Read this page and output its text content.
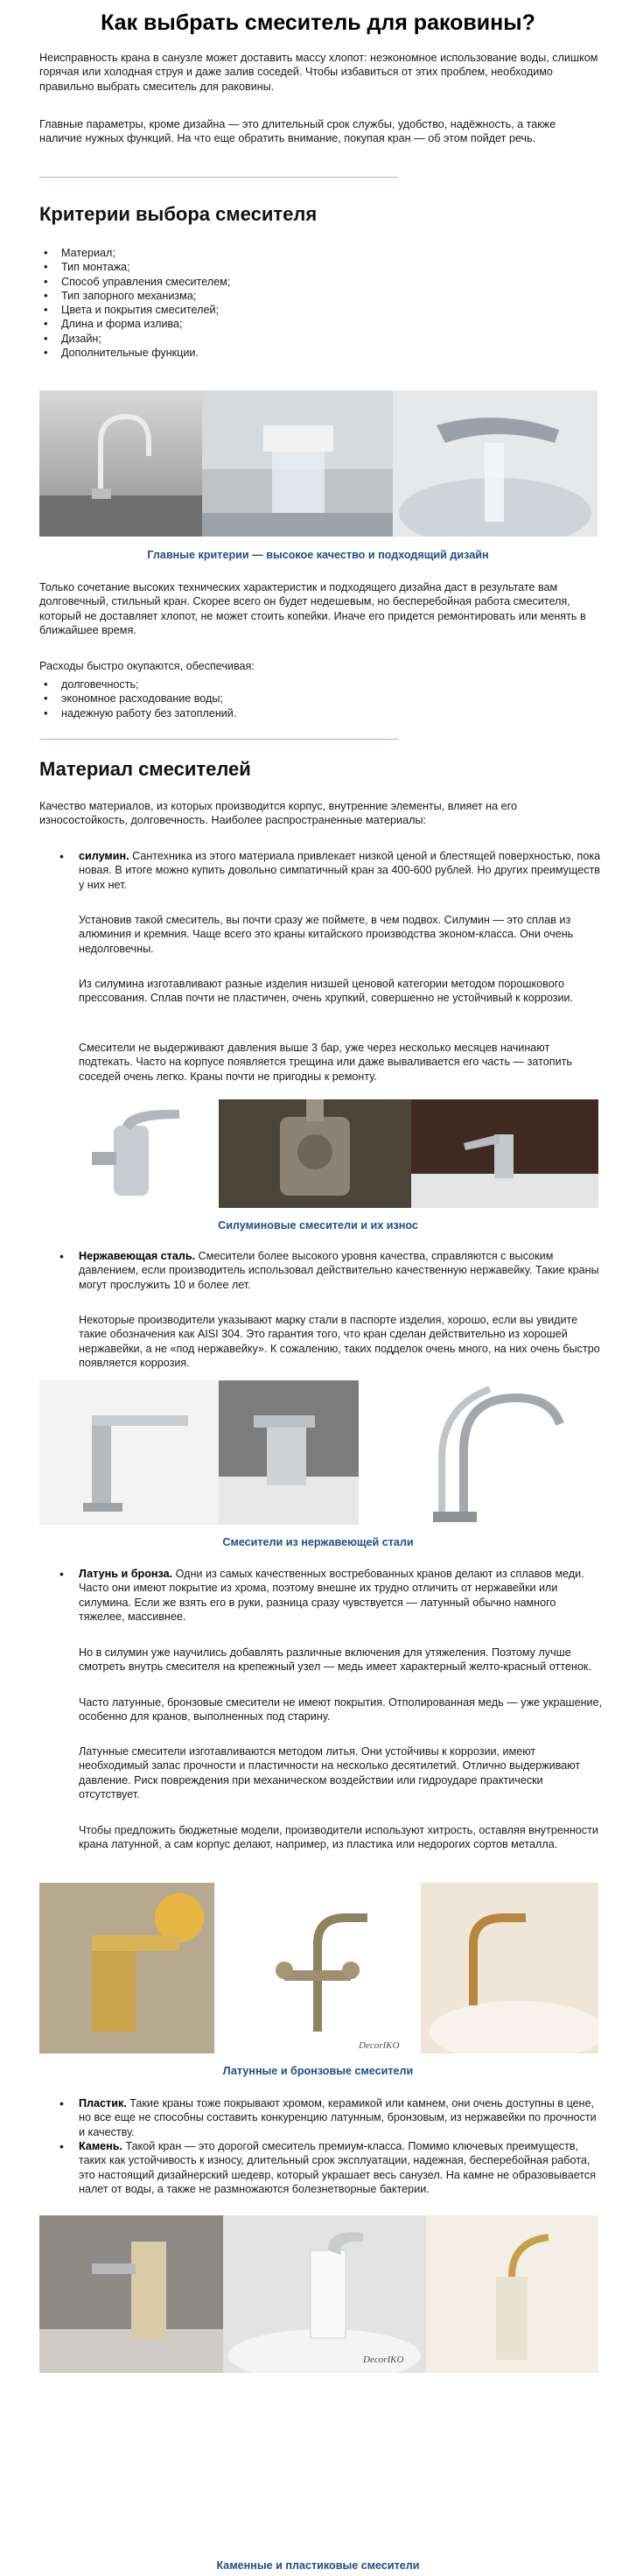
Как выбрать смеситель для раковины?
Неисправность крана в санузле может доставить массу хлопот: неэкономное использование воды, слишком горячая или холодная струя и даже залив соседей. Чтобы избавиться от этих проблем, необходимо правильно выбрать смеситель для раковины.
Главные параметры, кроме дизайна — это длительный срок службы, удобство, надёжность, а также наличие нужных функций. На что еще обратить внимание, покупая кран — об этом пойдет речь.
Критерии выбора смесителя
• Материал;
• Тип монтажа;
• Способ управления смесителем;
• Тип запорного механизма;
• Цвета и покрытия смесителей;
• Длина и форма излива;
• Дизайн;
• Дополнительные функции.
Главные критерии — высокое качество и подходящий дизайн
Только сочетание высоких технических характеристик и подходящего дизайна даст в результате вам долговечный, стильный кран. Скорее всего он будет недешевым, но бесперебойная работа смесителя, который не доставляет хлопот, не может стоить копейки. Иначе его придется ремонтировать или менять в ближайшее время.
Расходы быстро окупаются, обеспечивая:
• долговечность;
• экономное расходование воды;
• надежную работу без затоплений.
Материал смесителей
Качество материалов, из которых производится корпус, внутренние элементы, влияет на его износостойкость, долговечность. Наиболее распространенные материалы:
• силумин. Сантехника из этого материала привлекает низкой ценой и блестящей поверхностью, пока новая. В итоге можно купить довольно симпатичный кран за 400-600 рублей. Но других преимуществ у них нет.
Установив такой смеситель, вы почти сразу же поймете, в чем подвох. Силумин — это сплав из алюминия и кремния. Чаще всего это краны китайского производства эконом-класса. Они очень недолговечны.
Из силумина изготавливают разные изделия низшей ценовой категории методом порошкового прессования. Сплав почти не пластичен, очень хрупкий, совершенно не устойчивый к коррозии.
Смесители не выдерживают давления выше 3 бар, уже через несколько месяцев начинают подтекать. Часто на корпусе появляется трещина или даже вываливается его часть — затопить соседей очень легко. Краны почти не пригодны к ремонту.
Силуминовые смесители и их износ
• Нержавеющая сталь. Смесители более высокого уровня качества, справляются с высоким давлением, если производитель использовал действительно качественную нержавейку. Такие краны могут прослужить 10 и более лет.
Некоторые производители указывают марку стали в паспорте изделия, хорошо, если вы увидите такие обозначения как AISI 304. Это гарантия того, что кран сделан действительно из хорошей нержавейки, а не «под нержавейку». К сожалению, таких подделок очень много, на них очень быстро появляется коррозия.
Смесители из нержавеющей стали
• Латунь и бронза. Одни из самых качественных востребованных кранов делают из сплавов меди. Часто они имеют покрытие из хрома, поэтому внешне их трудно отличить от нержавейки или силумина. Если же взять его в руки, разница сразу чувствуется — латунный обычно намного тяжелее, массивнее.
Но в силумин уже научились добавлять различные включения для утяжеления. Поэтому лучше смотреть внутрь смесителя на крепежный узел — медь имеет характерный желто-красный оттенок.
Часто латунные, бронзовые смесители не имеют покрытия. Отполированная медь — уже украшение, особенно для кранов, выполненных под старину.
Латунные смесители изготавливаются методом литья. Они устойчивы к коррозии, имеют необходимый запас прочности и пластичности на несколько десятилетий. Отлично выдерживают давление. Риск повреждения при механическом воздействии или гидроударе практически отсутствует.
Чтобы предложить бюджетные модели, производители используют хитрость, оставляя внутренности крана латунной, а сам корпус делают, например, из пластика или недорогих сортов металла.
DecorIKO
Латунные и бронзовые смесители
• Пластик. Такие краны тоже покрывают хромом, керамикой или камнем, они очень доступны в цене, но все еще не способны составить конкуренцию латунным, бронзовым, из нержавейки по прочности и качеству.
• Камень. Такой кран — это дорогой смеситель премиум-класса. Помимо ключевых преимуществ, таких как устойчивость к износу, длительный срок эксплуатации, надежная, бесперебойная работа, это настоящий дизайнерский шедевр, который украшает весь санузел. На камне не образовывается налет от воды, а также не размножаются болезнетворные бактерии.
DecorIKO
Каменные и пластиковые смесители
